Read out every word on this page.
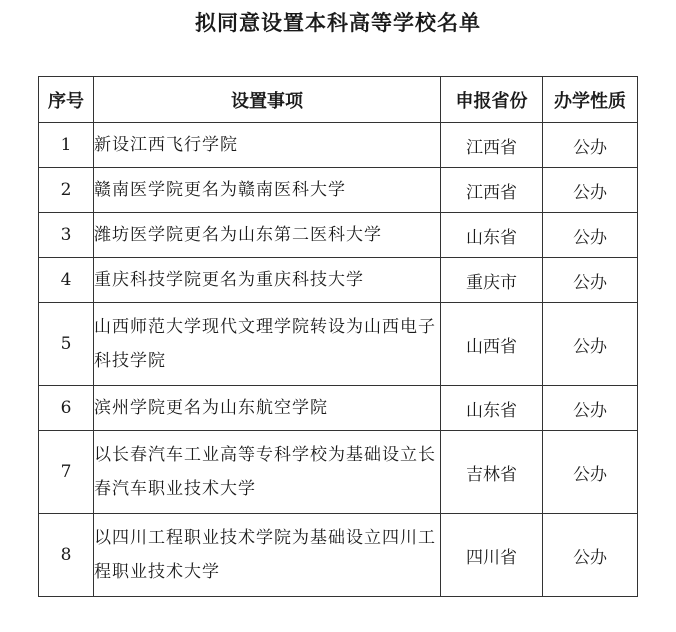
拟同意设置本科高等学校名单
序号	设置事项	申报省份	办学性质
1	新设江西飞行学院	江西省	公办
2	赣南医学院更名为赣南医科大学	江西省	公办
3	潍坊医学院更名为山东第二医科大学	山东省	公办
4	重庆科技学院更名为重庆科技大学	重庆市	公办
5	山西师范大学现代文理学院转设为山西电子科技学院	山西省	公办
6	滨州学院更名为山东航空学院	山东省	公办
7	以长春汽车工业高等专科学校为基础设立长春汽车职业技术大学	吉林省	公办
8	以四川工程职业技术学院为基础设立四川工程职业技术大学	四川省	公办
